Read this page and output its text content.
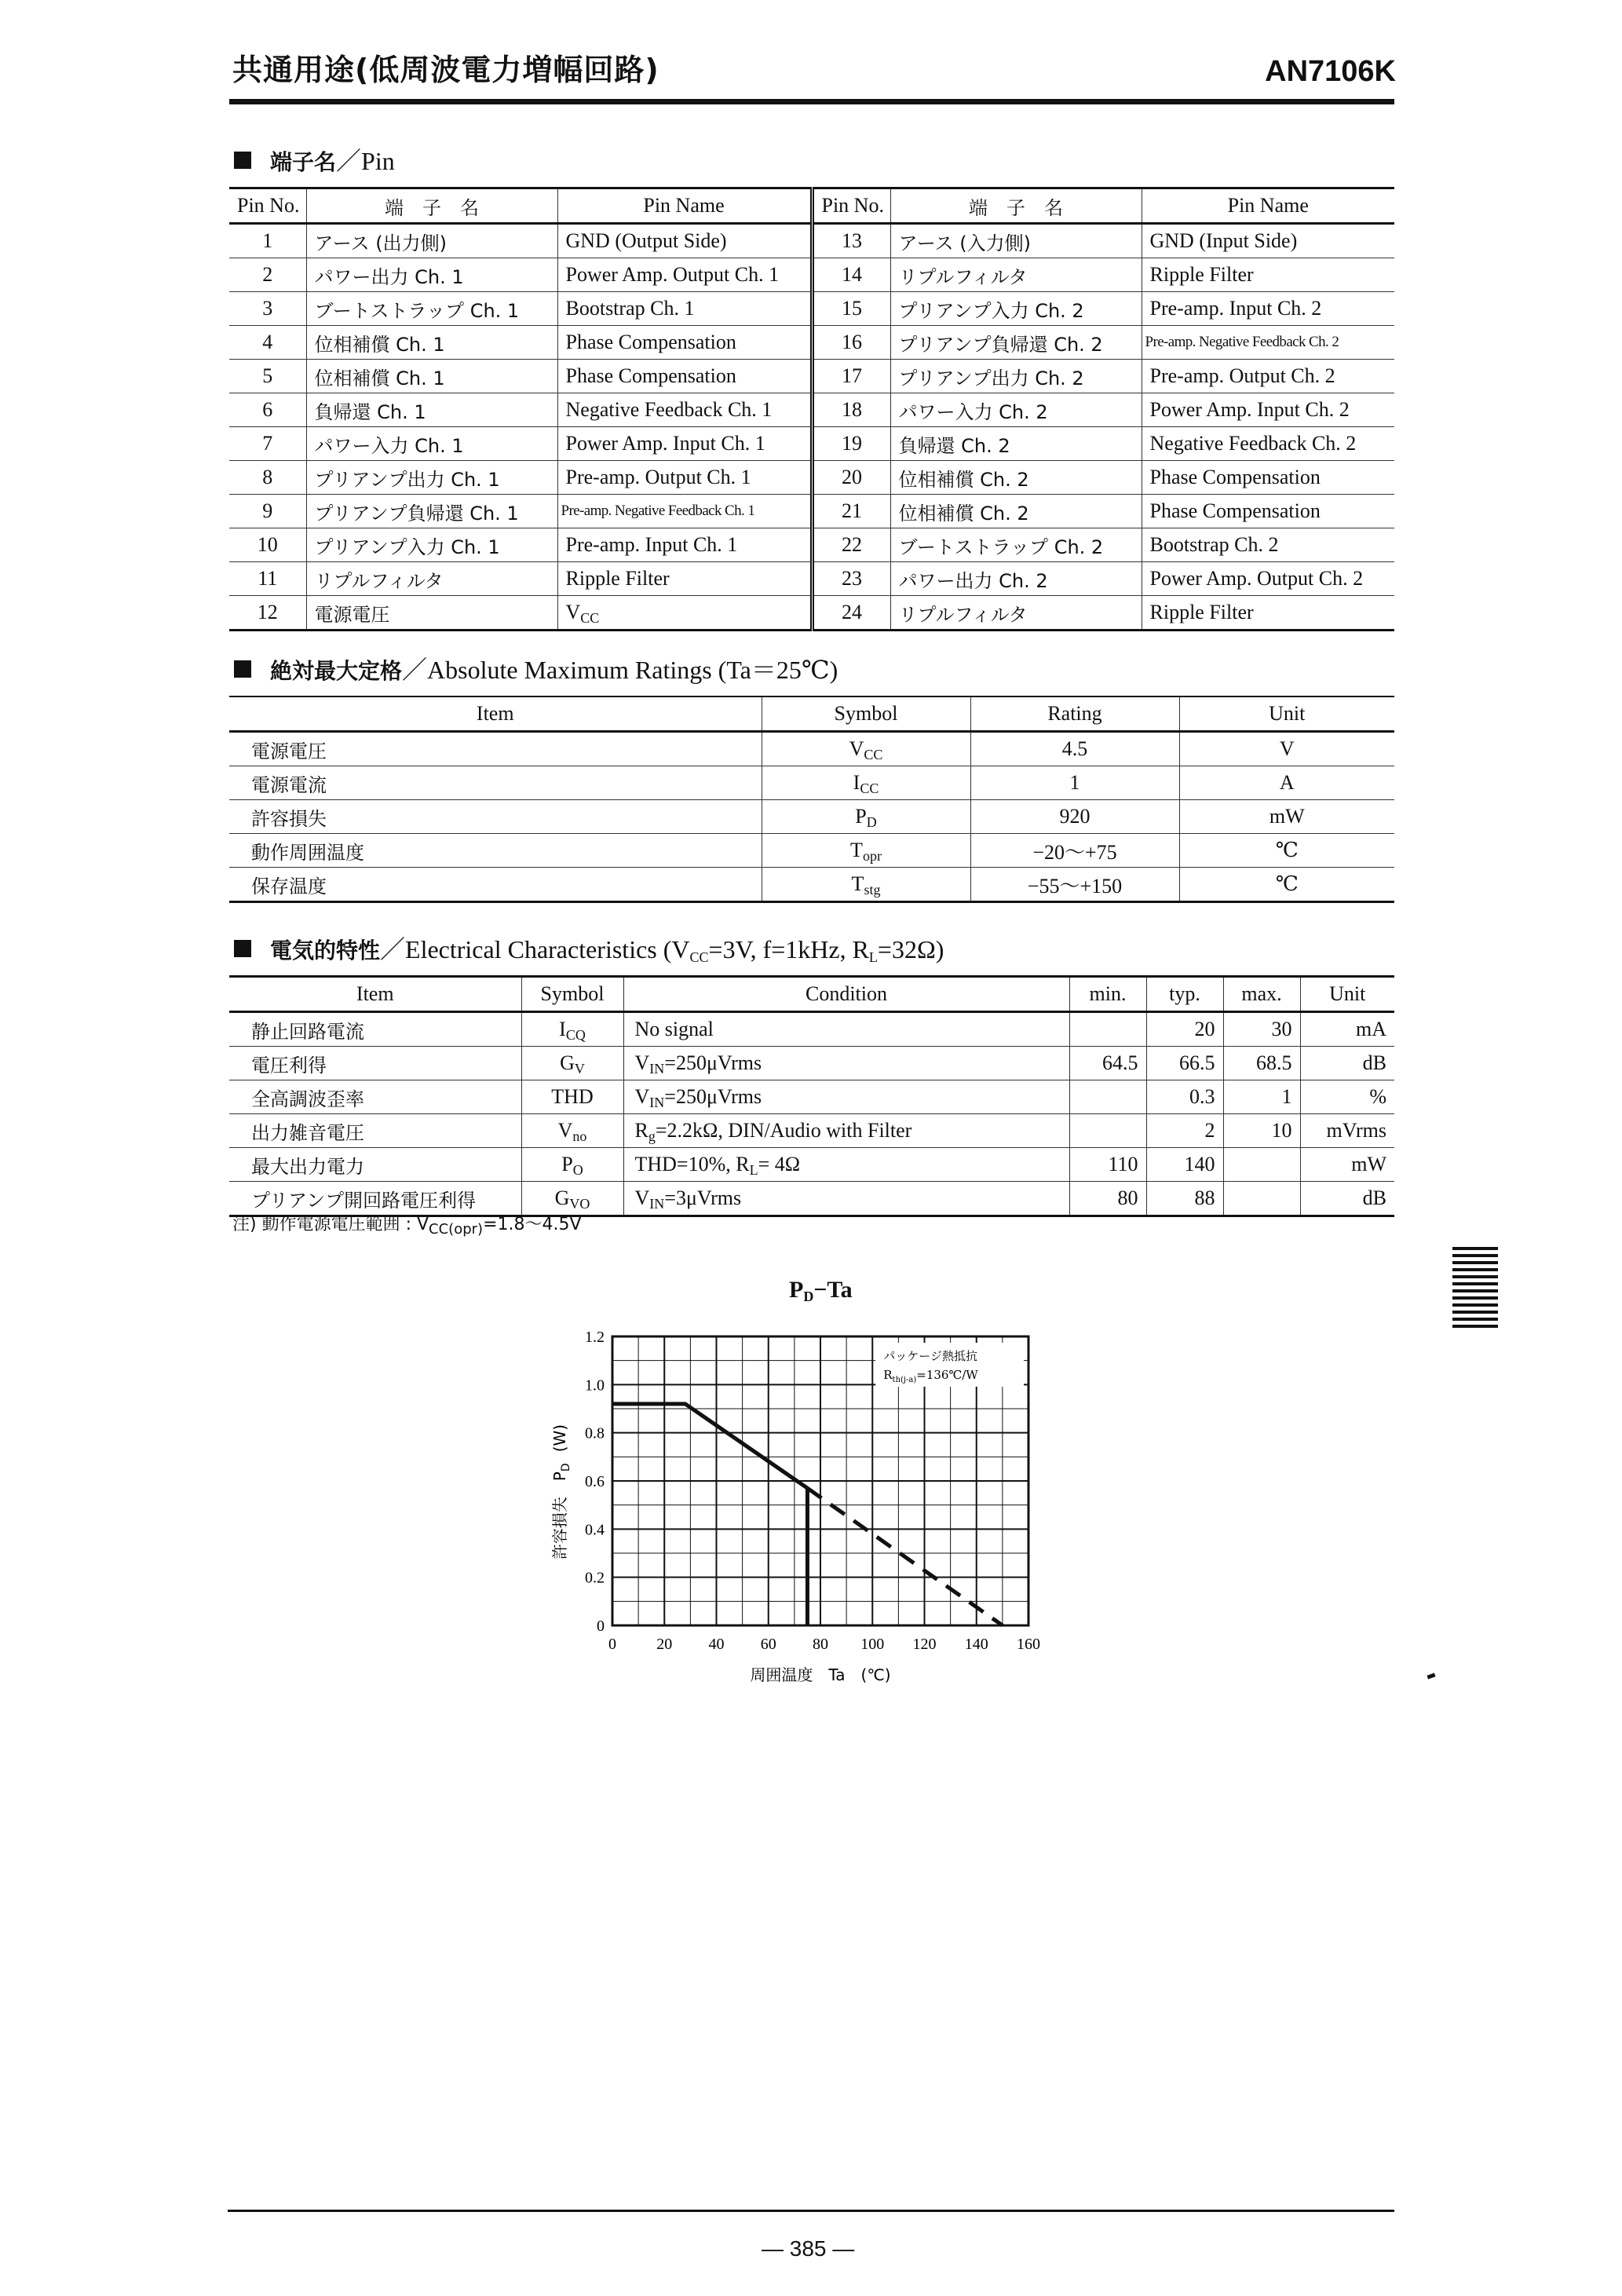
共通用途(低周波電力増幅回路)	AN7106K
端子名／Pin
Pin No.	端　子　名	Pin Name	Pin No.	端　子　名	Pin Name
1	アース (出力側)	GND (Output Side)	13	アース (入力側)	GND (Input Side)
2	パワー出力 Ch. 1	Power Amp. Output Ch. 1	14	リプルフィルタ	Ripple Filter
3	ブートストラップ Ch. 1	Bootstrap Ch. 1	15	プリアンプ入力 Ch. 2	Pre-amp. Input Ch. 2
4	位相補償 Ch. 1	Phase Compensation	16	プリアンプ負帰還 Ch. 2	Pre-amp. Negative Feedback Ch. 2
5	位相補償 Ch. 1	Phase Compensation	17	プリアンプ出力 Ch. 2	Pre-amp. Output Ch. 2
6	負帰還 Ch. 1	Negative Feedback Ch. 1	18	パワー入力 Ch. 2	Power Amp. Input Ch. 2
7	パワー入力 Ch. 1	Power Amp. Input Ch. 1	19	負帰還 Ch. 2	Negative Feedback Ch. 2
8	プリアンプ出力 Ch. 1	Pre-amp. Output Ch. 1	20	位相補償 Ch. 2	Phase Compensation
9	プリアンプ負帰還 Ch. 1	Pre-amp. Negative Feedback Ch. 1	21	位相補償 Ch. 2	Phase Compensation
10	プリアンプ入力 Ch. 1	Pre-amp. Input Ch. 1	22	ブートストラップ Ch. 2	Bootstrap Ch. 2
11	リプルフィルタ	Ripple Filter	23	パワー出力 Ch. 2	Power Amp. Output Ch. 2
12	電源電圧	$V_{CC}$	24	リプルフィルタ	Ripple Filter
絶対最大定格／Absolute Maximum Ratings (Ta＝25℃)
Item	Symbol	Rating	Unit
電源電圧	$V_{CC}$	4.5	V
電源電流	$I_{CC}$	1	A
許容損失	$P_D$	920	mW
動作周囲温度	$T_{opr}$	−20〜+75	℃
保存温度	$T_{stg}$	−55〜+150	℃
電気的特性／Electrical Characteristics ($V_{CC}=3V$, f=1kHz, $R_L=32\Omega$)
Item	Symbol	Condition	min.	typ.	max.	Unit
静止回路電流	$I_{CQ}$	No signal		20	30	mA
電圧利得	$G_V$	$V_{IN}=250\mu Vrms$	64.5	66.5	68.5	dB
全高調波歪率	THD	$V_{IN}=250\mu Vrms$		0.3	1	%
出力雑音電圧	$V_{no}$	$R_g=2.2k\Omega$, DIN/Audio with Filter		2	10	mVrms
最大出力電力	$P_O$	THD=10%, $R_L= 4\Omega$	110	140		mW
プリアンプ開回路電圧利得	$G_{VO}$	$V_{IN}=3\mu Vrms$	80	88		dB
注) 動作電源電圧範囲 : $V_{CC(opr)}=1.8$〜4.5V
$P_D-Ta$
パッケージ熱抵抗
$R_{th(j-a)}=136℃/W$
0	20 40 60 80 100 120 140 160
0
0.2
0.4
0.6
0.8
1.0
1.2
周囲温度　Ta　(℃)
許容損失　$P_D(W)$
— 385 —
